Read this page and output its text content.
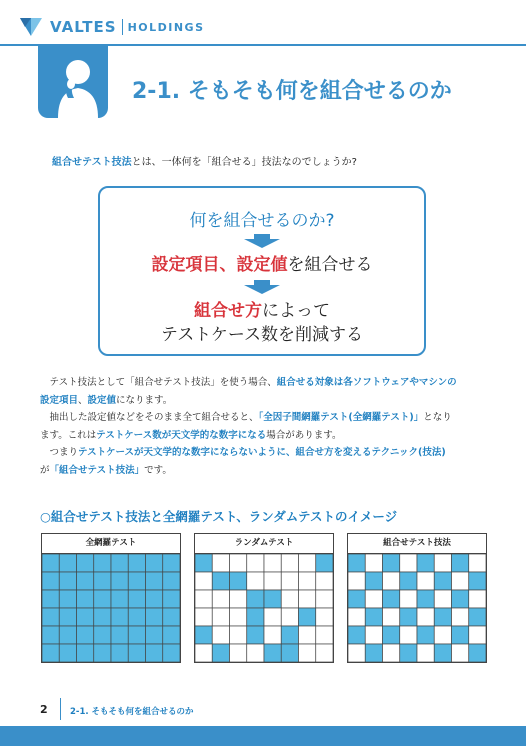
VALTES HOLDINGS
2-1. そもそも何を組合せるのか
組合せテスト技法とは、一体何を「組合せる」技法なのでしょうか?
何を組合せるのか?
設定項目、設定値を組合せる
組合せ方によって
テストケース数を削減する

　テスト技法として「組合せテスト技法」を使う場合、組合せる対象は各ソフトウェアやマシンの

設定項目、設定値になります。

　抽出した設定値などをそのまま全て組合せると、「全因子間網羅テスト(全網羅テスト)」となり

ます。これはテストケース数が天文学的な数字になる場合があります。

　つまりテストケースが天文学的な数字にならないように、組合せ方を変えるテクニック(技法)

が「組合せテスト技法」です。

○組合せテスト技法と全網羅テスト、ランダムテストのイメージ
全網羅テスト	ランダムテスト	組合せテスト技法
2	2-1. そもそも何を組合せるのか
